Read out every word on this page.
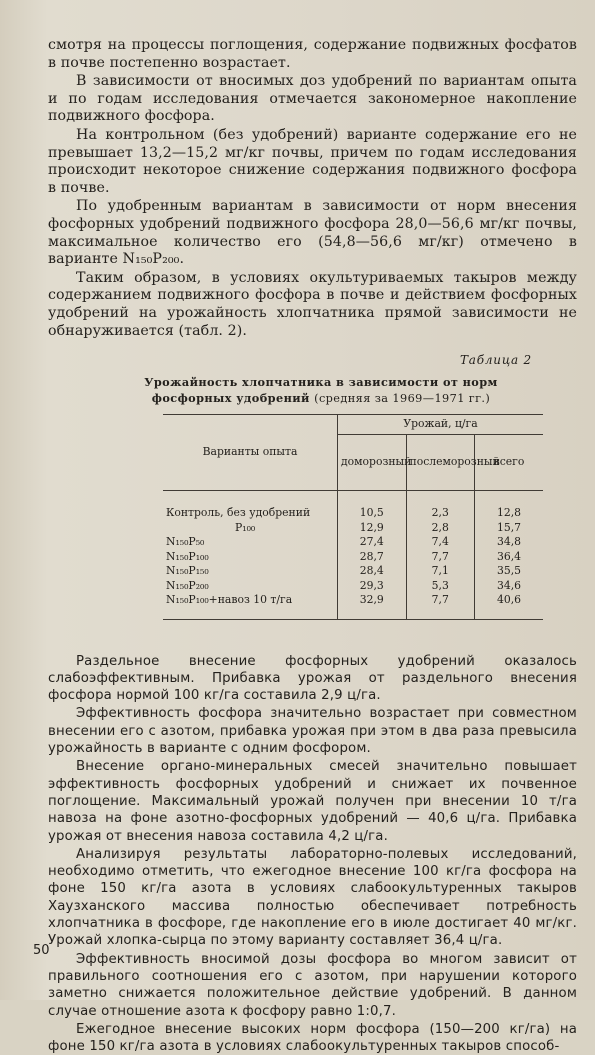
смотря на процессы поглощения, содержание подвижных фосфатов в почве постепенно возрастает.

В зависимости от вносимых доз удобрений по вариантам опыта и по годам исследования отмечается закономерное накопление подвижного фосфора.

На контрольном (без удобрений) варианте содержание его не превышает 13,2—15,2 мг/кг почвы, причем по годам исследования происходит некоторое снижение содержания подвижного фосфора в почве.

По удобренным вариантам в зависимости от норм внесения фосфорных удобрений подвижного фосфора 28,0—56,6 мг/кг почвы, максимальное количество его (54,8—56,6 мг/кг) отмечено в варианте N₁₅₀P₂₀₀.

Таким образом, в условиях окультуриваемых такыров между содержанием подвижного фосфора в почве и действием фосфорных удобрений на урожайность хлопчатника прямой зависимости не обнаруживается (табл. 2).

Таблица 2
Урожайность хлопчатника в зависимости от норм фосфорных удобрений (средняя за 1969—1971 гг.)
Варианты опыта	Урожай, ц/га		
	доморозный	послеморозный	всего
Контроль, без удобрений	10,5	2,3	12,8
P₁₀₀	12,9	2,8	15,7
N₁₅₀P₅₀	27,4	7,4	34,8
N₁₅₀P₁₀₀	28,7	7,7	36,4
N₁₅₀P₁₅₀	28,4	7,1	35,5
N₁₅₀P₂₀₀	29,3	5,3	34,6
N₁₅₀P₁₀₀+навоз 10 т/га	32,9	7,7	40,6

Раздельное внесение фосфорных удобрений оказалось слабоэффективным. Прибавка урожая от раздельного внесения фосфора нормой 100 кг/га составила 2,9 ц/га.

Эффективность фосфора значительно возрастает при совместном внесении его с азотом, прибавка урожая при этом в два раза превысила урожайность в варианте с одним фосфором.

Внесение органо-минеральных смесей значительно повышает эффективность фосфорных удобрений и снижает их почвенное поглощение. Максимальный урожай получен при внесении 10 т/га навоза на фоне азотно-фосфорных удобрений — 40,6 ц/га. Прибавка урожая от внесения навоза составила 4,2 ц/га.

Анализируя результаты лабораторно-полевых исследований, необходимо отметить, что ежегодное внесение 100 кг/га фосфора на фоне 150 кг/га азота в условиях слабоокультуренных такыров Хаузханского массива полностью обеспечивает потребность хлопчатника в фосфоре, где накопление его в июле достигает 40 мг/кг. Урожай хлопка-сырца по этому варианту составляет 36,4 ц/га.

Эффективность вносимой дозы фосфора во многом зависит от правильного соотношения его с азотом, при нарушении которого заметно снижается положительное действие удобрений. В данном случае отношение азота к фосфору равно 1:0,7.

Ежегодное внесение высоких норм фосфора (150—200 кг/га) на фоне 150 кг/га азота в условиях слабоокультуренных такыров способ-

50
